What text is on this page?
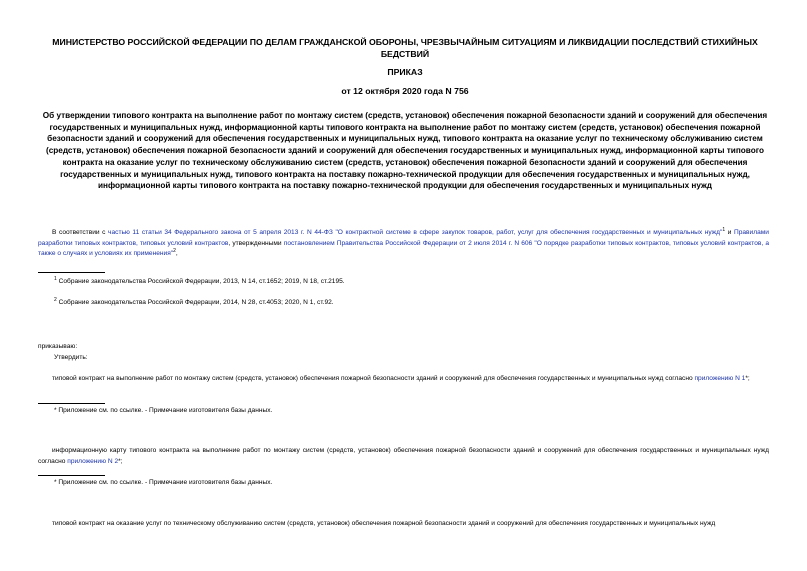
МИНИСТЕРСТВО РОССИЙСКОЙ ФЕДЕРАЦИИ ПО ДЕЛАМ ГРАЖДАНСКОЙ ОБОРОНЫ, ЧРЕЗВЫЧАЙНЫМ СИТУАЦИЯМ И ЛИКВИДАЦИИ ПОСЛЕДСТВИЙ СТИХИЙНЫХ БЕДСТВИЙ
ПРИКАЗ
от 12 октября 2020 года N 756
Об утверждении типового контракта на выполнение работ по монтажу систем (средств, установок) обеспечения пожарной безопасности зданий и сооружений для обеспечения государственных и муниципальных нужд, информационной карты типового контракта на выполнение работ по монтажу систем (средств, установок) обеспечения пожарной безопасности зданий и сооружений для обеспечения государственных и муниципальных нужд, типового контракта на оказание услуг по техническому обслуживанию систем (средств, установок) обеспечения пожарной безопасности зданий и сооружений для обеспечения государственных и муниципальных нужд, информационной карты типового контракта на оказание услуг по техническому обслуживанию систем (средств, установок) обеспечения пожарной безопасности зданий и сооружений для обеспечения государственных и муниципальных нужд, типового контракта на поставку пожарно-технической продукции для обеспечения государственных и муниципальных нужд, информационной карты типового контракта на поставку пожарно-технической продукции для обеспечения государственных и муниципальных нужд
В соответствии с частью 11 статьи 34 Федерального закона от 5 апреля 2013 г. N 44-ФЗ "О контрактной системе в сфере закупок товаров, работ, услуг для обеспечения государственных и муниципальных нужд"$^1$ и Правилами разработки типовых контрактов, типовых условий контрактов, утвержденными постановлением Правительства Российской Федерации от 2 июля 2014 г. N 606 "О порядке разработки типовых контрактов, типовых условий контрактов, а также о случаях и условиях их применения"$^2$,
$^1$ Собрание законодательства Российской Федерации, 2013, N 14, ст.1652; 2019, N 18, ст.2195.
$^2$ Собрание законодательства Российской Федерации, 2014, N 28, ст.4053; 2020, N 1, ст.92.
приказываю:
Утвердить:
типовой контракт на выполнение работ по монтажу систем (средств, установок) обеспечения пожарной безопасности зданий и сооружений для обеспечения государственных и муниципальных нужд согласно приложению N 1*;
* Приложение см. по ссылке. - Примечание изготовителя базы данных.
информационную карту типового контракта на выполнение работ по монтажу систем (средств, установок) обеспечения пожарной безопасности зданий и сооружений для обеспечения государственных и муниципальных нужд согласно приложению N 2*;
* Приложение см. по ссылке. - Примечание изготовителя базы данных.
типовой контракт на оказание услуг по техническому обслуживанию систем (средств, установок) обеспечения пожарной безопасности зданий и сооружений для обеспечения государственных и муниципальных нужд
